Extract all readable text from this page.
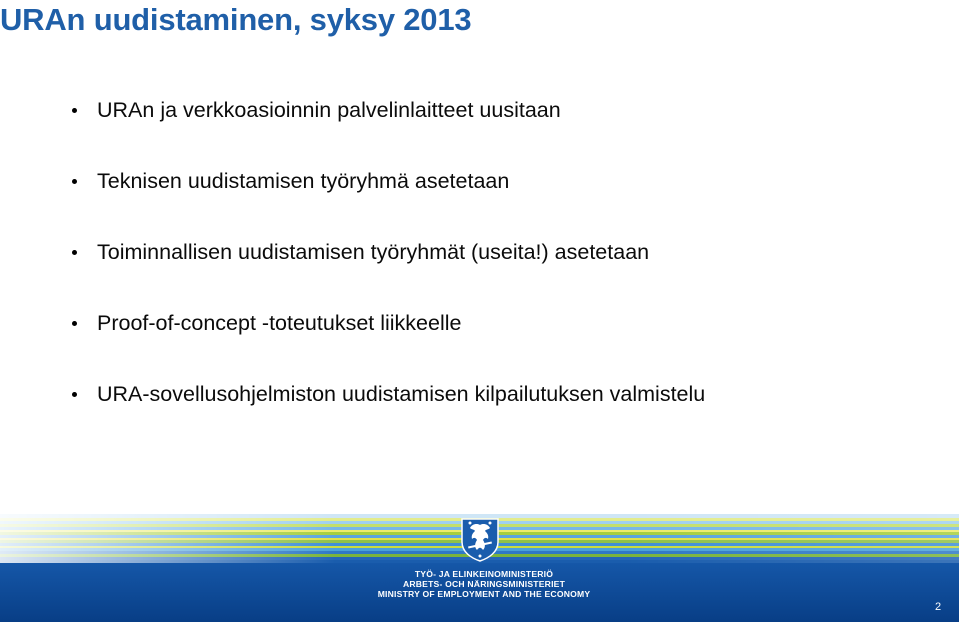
URAn uudistaminen, syksy 2013
URAn ja verkkoasioinnin palvelinlaitteet uusitaan
Teknisen uudistamisen työryhmä asetetaan
Toiminnallisen uudistamisen työryhmät (useita!) asetetaan
Proof-of-concept -toteutukset liikkeelle
URA-sovellusohjelmiston uudistamisen kilpailutuksen valmistelu
TYÖ- JA ELINKEINOMINISTERIÖ
ARBETS- OCH NÄRINGSMINISTERIET
MINISTRY OF EMPLOYMENT AND THE ECONOMY
2
